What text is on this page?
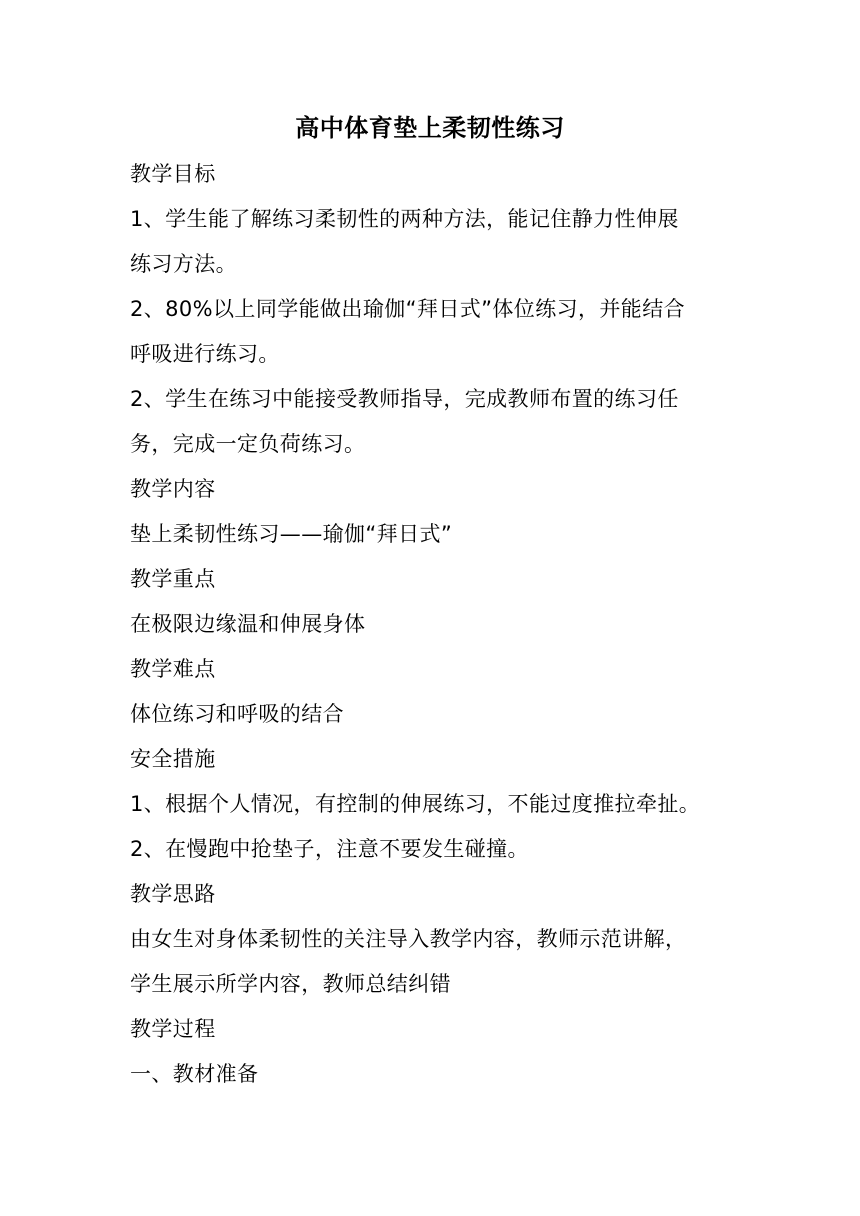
高中体育垫上柔韧性练习
教学目标
1、学生能了解练习柔韧性的两种方法，能记住静力性伸展
练习方法。
2、80%以上同学能做出瑜伽“拜日式”体位练习，并能结合
呼吸进行练习。
2、学生在练习中能接受教师指导，完成教师布置的练习任
务，完成一定负荷练习。
教学内容
垫上柔韧性练习——瑜伽“拜日式”
教学重点
在极限边缘温和伸展身体
教学难点
体位练习和呼吸的结合
安全措施
1、根据个人情况，有控制的伸展练习，不能过度推拉牵扯。
2、在慢跑中抢垫子，注意不要发生碰撞。
教学思路
由女生对身体柔韧性的关注导入教学内容，教师示范讲解，
学生展示所学内容，教师总结纠错
教学过程
一、教材准备
